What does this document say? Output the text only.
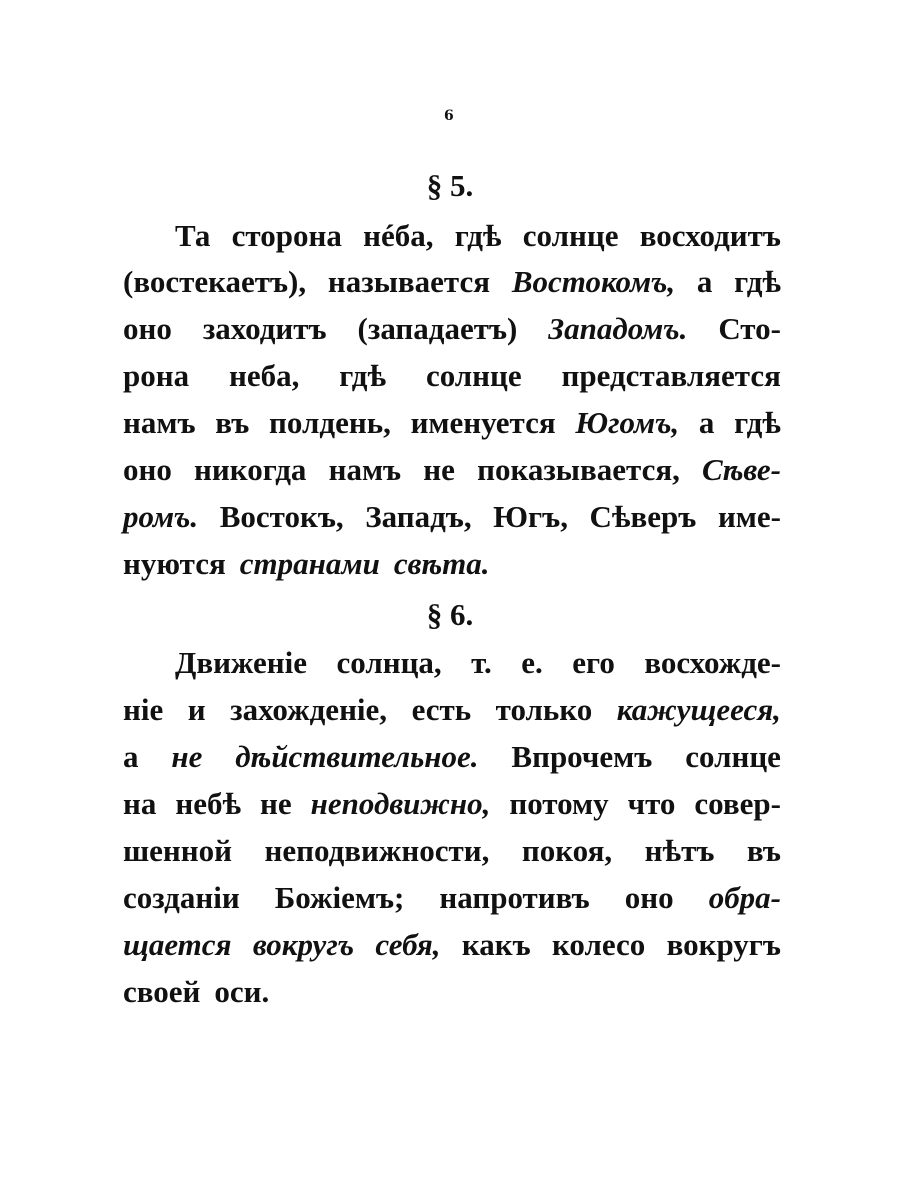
6
§ 5.
Та сторона нéба, гдѣ солнце восходитъ
(востекаетъ), называется Востокомъ, а гдѣ
оно заходитъ (западаетъ) Западомъ. Сто-
рона неба, гдѣ солнце представляется
намъ въ полдень, именуется Югомъ, а гдѣ
оно никогда намъ не показывается, Сѣве-
ромъ. Востокъ, Западъ, Югъ, Сѣверъ име-
нуются странами свѣта.
§ 6.
Движеніе солнца, т. е. его восхожде-
ніе и захожденіе, есть только кажущееся,
а не дѣйствительное. Впрочемъ солнце
на небѣ не неподвижно, потому что совер-
шенной неподвижности, покоя, нѣтъ въ
созданіи Божіемъ; напротивъ оно обра-
щается вокругъ себя, какъ колесо вокругъ
своей оси.
